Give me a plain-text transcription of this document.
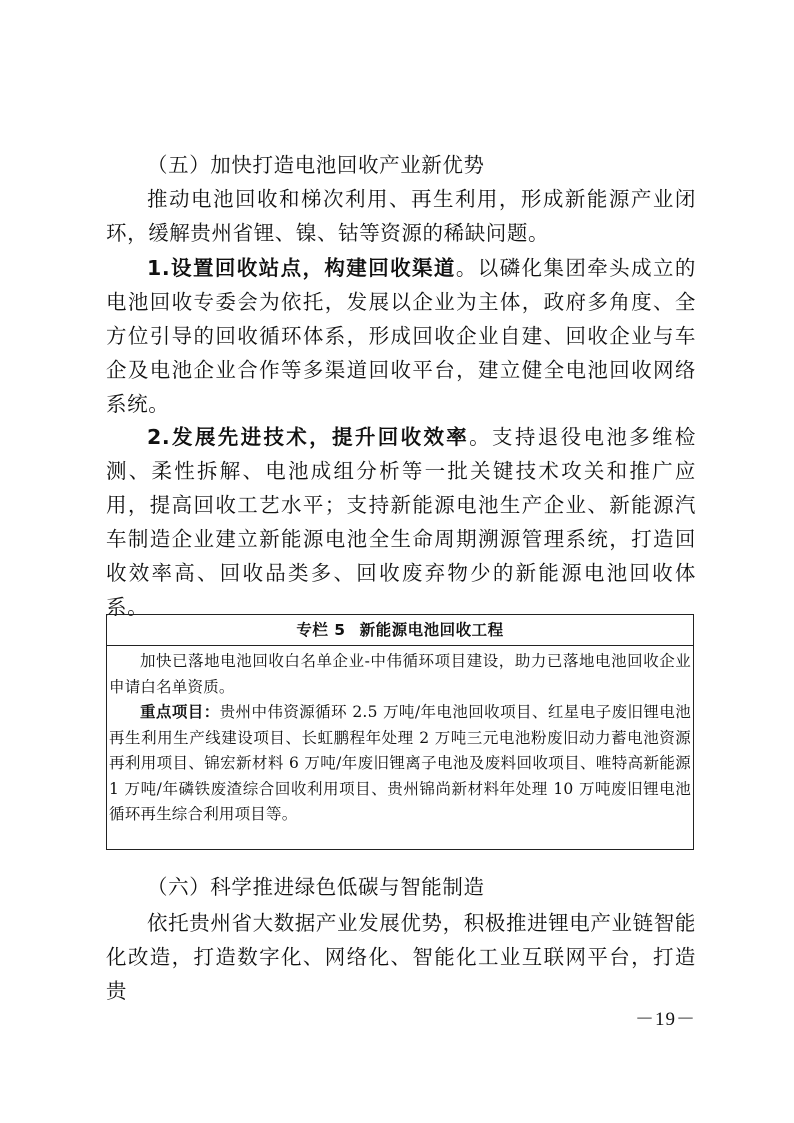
（五）加快打造电池回收产业新优势

推动电池回收和梯次利用、再生利用，形成新能源产业闭环，缓解贵州省锂、镍、钴等资源的稀缺问题。

1.设置回收站点，构建回收渠道。以磷化集团牵头成立的电池回收专委会为依托，发展以企业为主体，政府多角度、全方位引导的回收循环体系，形成回收企业自建、回收企业与车企及电池企业合作等多渠道回收平台，建立健全电池回收网络系统。

2.发展先进技术，提升回收效率。支持退役电池多维检测、柔性拆解、电池成组分析等一批关键技术攻关和推广应用，提高回收工艺水平；支持新能源电池生产企业、新能源汽车制造企业建立新能源电池全生命周期溯源管理系统，打造回收效率高、回收品类多、回收废弃物少的新能源电池回收体系。

专栏 5 新能源电池回收工程

加快已落地电池回收白名单企业-中伟循环项目建设，助力已落地电池回收企业申请白名单资质。

重点项目：贵州中伟资源循环 2.5 万吨/年电池回收项目、红星电子废旧锂电池再生利用生产线建设项目、长虹鹏程年处理 2 万吨三元电池粉废旧动力蓄电池资源再利用项目、锦宏新材料 6 万吨/年废旧锂离子电池及废料回收项目、唯特高新能源 1 万吨/年磷铁废渣综合回收利用项目、贵州锦尚新材料年处理 10 万吨废旧锂电池循环再生综合利用项目等。

（六）科学推进绿色低碳与智能制造

依托贵州省大数据产业发展优势，积极推进锂电产业链智能化改造，打造数字化、网络化、智能化工业互联网平台，打造贵

－19－
